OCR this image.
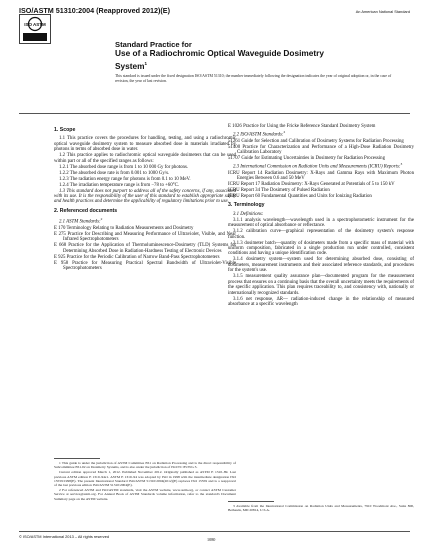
ISO/ASTM 51310:2004 (Reapproved 2012)(E)	An American National Standard
ISO ASTM
Standard Practice for
Use of a Radiochromic Optical Waveguide Dosimetry
System$^1$
This standard is issued under the fixed designation ISO/ASTM 51310; the number immediately following the designation indicates the year of original adoption or, in the case of revision, the year of last revision.
1. Scope

1.1 This practice covers the procedures for handling, testing, and using a radiochromic optical waveguide dosimetry system to measure absorbed dose in materials irradiated by photons in terms of absorbed dose in water.

1.2 This practice applies to radiochromic optical waveguide dosimeters that can be used within part or all of the specified ranges as follows:

1.2.1 The absorbed dose range is from 1 to 10 000 Gy for photons.

1.2.2 The absorbed dose rate is from 0.001 to 1000 Gy/s.

1.2.3 The radiation energy range for photons is from 0.1 to 10 MeV.

1.2.4 The irradiation temperature range is from −78 to +60°C.

1.3 This standard does not purport to address all of the safety concerns, if any, associated with its use. It is the responsibility of the user of this standard to establish appropriate safety and health practices and determine the applicability of regulatory limitations prior to use.

2. Referenced documents

2.1 ASTM Standards:$^2$

E 170 Terminology Relating to Radiation Measurements and Dosimetry

E 275 Practice for Describing and Measuring Performance of Ultraviolet, Visible, and Near Infrared Spectrophotometers

E 668 Practice for the Application of Thermoluminescence-Dosimetry (TLD) Systems for Determining Absorbed Dose in Radiation-Hardness Testing of Electronic Devices

E 925 Practice for the Periodic Calibration of Narrow Band-Pass Spectrophotometers

E 958 Practice for Measuring Practical Spectral Bandwidth of Ultraviolet-Visible Spectrophotometers

E 1026 Practice for Using the Fricke Reference Standard Dosimetry System

2.2 ISO/ASTM Standards:$^2$

51261 Guide for Selection and Calibration of Dosimetry Systems for Radiation Processing

51400 Practice for Characterization and Performance of a High-Dose Radiation Dosimetry Calibration Laboratory

51707 Guide for Estimating Uncertainties in Dosimetry for Radiation Processing

2.3 International Commission on Radiation Units and Measurements (ICRU) Reports:$^3$

ICRU Report 14 Radiation Dosimetry: X-Rays and Gamma Rays with Maximum Photon Energies Between 0.6 and 50 MeV

ICRU Report 17 Radiation Dosimetry: X-Rays Generated at Potentials of 5 to 150 kV

ICRU Report 34 The Dosimetry of Pulsed Radiation

ICRU Report 60 Fundamental Quantities and Units for Ionizing Radiation

3. Terminology

3.1 Definitions:

3.1.1 analysis wavelength—wavelength used in a spectrophotometric instrument for the measurement of optical absorbance or reflectance.

3.1.2 calibration curve—graphical representation of the dosimetry system's response function.

3.1.3 dosimeter batch—quantity of dosimeters made from a specific mass of material with uniform composition, fabricated in a single production run under controlled, consistent conditions and having a unique identification code.

3.1.4 dosimetry system—system used for determining absorbed dose, consisting of dosimeters, measurement instruments and their associated reference standards, and procedures for the system's use.

3.1.5 measurement quality assurance plan—documented program for the measurement process that ensures on a continuing basis that the overall uncertainty meets the requirements of the specific application. This plan requires traceability to, and consistency with, nationally or internationally recognized standards.

3.1.6 net response, ΔR— radiation-induced change in the relationship of measured absorbance at a specific wavelength

1 This guide is under the jurisdiction of ASTM Committee E61 on Radiation Processing and is the direct responsibility of Subcommittee E61.02 on Dosimetry Systems, and is also under the jurisdiction of ISO/TC 85/WG 3.

Current edition approved March 1, 2012. Published November 2012. Originally published as ASTM E 1310–89. Last previous ASTM edition E 1310–94ε1. ASTM E 1310–94 was adopted by ISO in 1998 with the intermediate designation ISO 15559:1998(E). The present International Standard ISO/ASTM 51310:2004(2012)(E) replaces ISO 15559 and is a reapproval of the last previous edition ISO/ASTM 51310:2004(E).

2 For referenced ASTM and ISO/ASTM standards, visit the ASTM website, www.astm.org, or contact ASTM Customer Service at service@astm.org. For Annual Book of ASTM Standards volume information, refer to the standard's Document Summary page on the ASTM website.

3 Available from the International Commission on Radiation Units and Measurements, 7910 Woodmont Ave., Suite 800, Bethesda, MD 20814, U.S.A.
© ISO/ASTM International 2013 – All rights reserved
1080
